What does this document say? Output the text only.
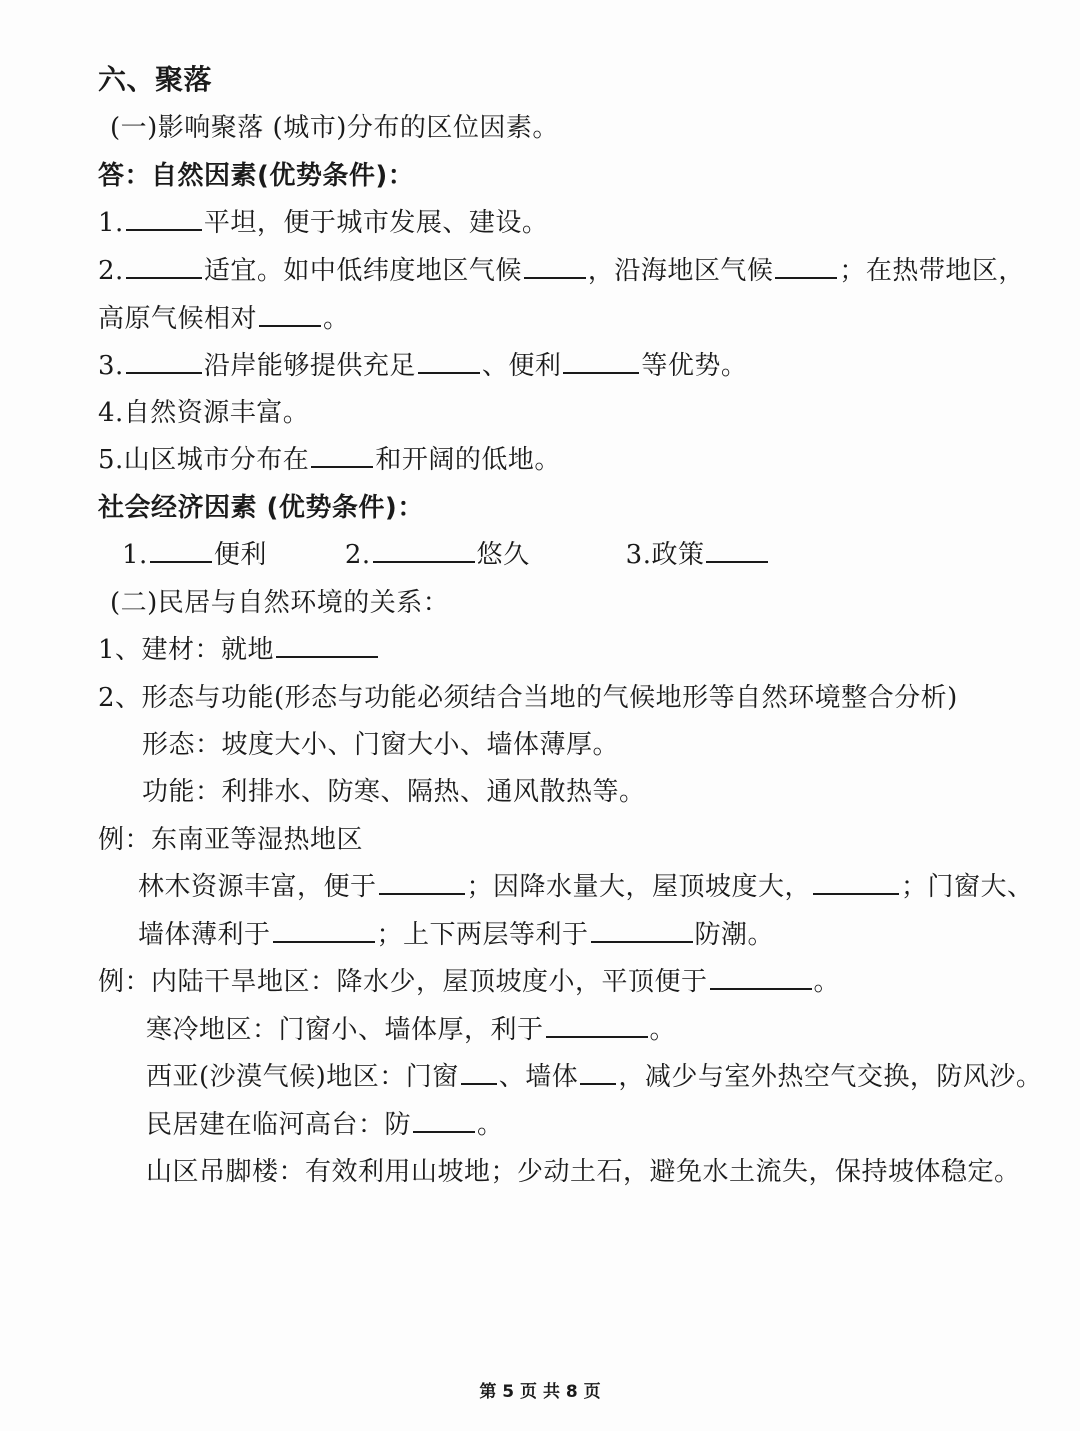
六、聚落
(一)影响聚落 (城市)分布的区位因素。
答：自然因素(优势条件)：
1.	平坦，便于城市发展、建设。
2.	适宜。如中低纬度地区气候	，沿海地区气候	；在热带地区，
高原气候相对	。
3.	沿岸能够提供充足	、便利	等优势。
4.自然资源丰富。
5.山区城市分布在	和开阔的低地。
社会经济因素 (优势条件)：
1.	便利	2.	悠久	3.政策
(二)民居与自然环境的关系：
1、建材：就地
2、形态与功能(形态与功能必须结合当地的气候地形等自然环境整合分析)
形态：坡度大小、门窗大小、墙体薄厚。
功能：利排水、防寒、隔热、通风散热等。
例：东南亚等湿热地区
林木资源丰富，便于	；因降水量大，屋顶坡度大，	；门窗大、
墙体薄利于	；上下两层等利于	防潮。
例：内陆干旱地区：降水少，屋顶坡度小，平顶便于	。
寒冷地区：门窗小、墙体厚，利于	。
西亚(沙漠气候)地区：门窗 、墙体 ，减少与室外热空气交换，防风沙。
民居建在临河高台：防	。
山区吊脚楼：有效利用山坡地；少动土石，避免水土流失，保持坡体稳定。
第 5 页 共 8 页
